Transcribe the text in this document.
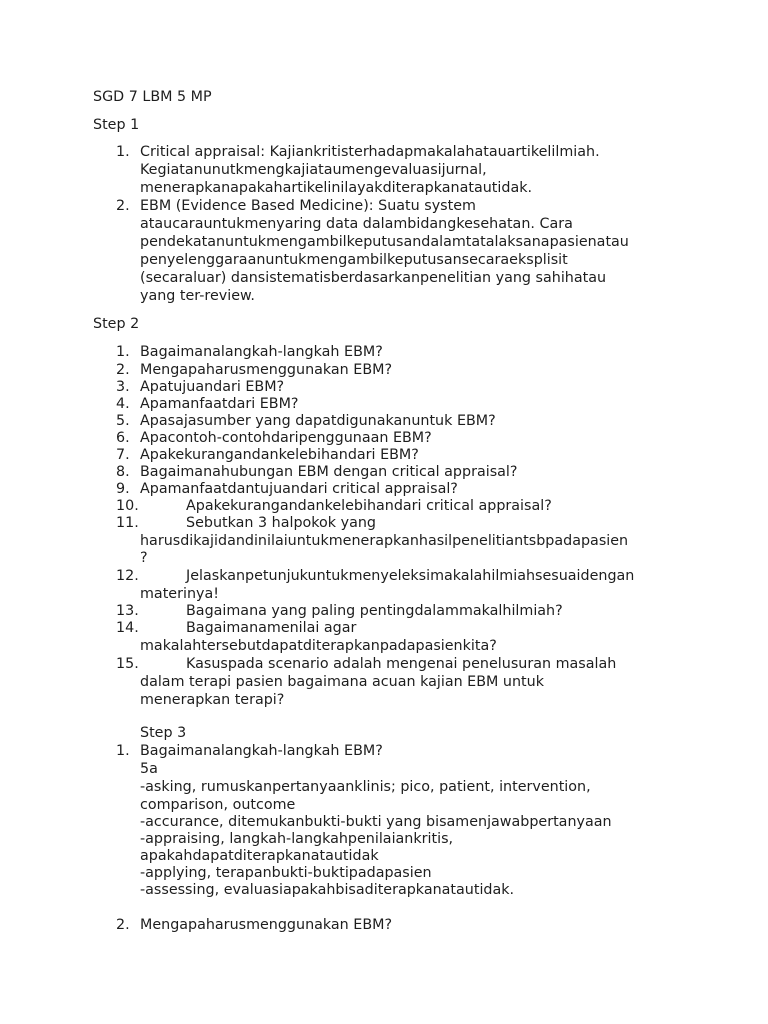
SGD 7 LBM 5 MP
Step 1
1. Critical appraisal: Kajiankritisterhadapmakalahatauartikelilmiah.
Kegiatanunutkmengkajiataumengevaluasijurnal,
menerapkanapakahartikelinilayakditerapkanatautidak.
2. EBM (Evidence Based Medicine): Suatu system
ataucarauntukmenyaring data dalambidangkesehatan. Cara
pendekatanuntukmengambilkeputusandalamtatalaksanapasienatau
penyelenggaraanuntukmengambilkeputusansecaraeksplisit
(secaraluar) dansistematisberdasarkanpenelitian yang sahihatau
yang ter-review.
Step 2
1. Bagaimanalangkah-langkah EBM?
2. Mengapaharusmenggunakan EBM?
3. Apatujuandari EBM?
4. Apamanfaatdari EBM?
5. Apasajasumber yang dapatdigunakanuntuk EBM?
6. Apacontoh-contohdaripenggunaan EBM?
7. Apakekurangandankelebihandari EBM?
8. Bagaimanahubungan EBM dengan critical appraisal?
9. Apamanfaatdantujuandari critical appraisal?
10.	Apakekurangandankelebihandari critical appraisal?
11.	Sebutkan 3 halpokok yang
harusdikajidandinilaiuntukmenerapkanhasilpenelitiantsbpadapasien
?
12.	Jelaskanpetunjukuntukmenyeleksimakalahilmiahsesuaidengan
materinya!
13.	Bagaimana yang paling pentingdalammakalhilmiah?
14.	Bagaimanamenilai agar
makalahtersebutdapatditerapkanpadapasienkita?
15.	Kasuspada scenario adalah mengenai penelusuran masalah
dalam terapi pasien bagaimana acuan kajian EBM untuk
menerapkan terapi?
Step 3
1. Bagaimanalangkah-langkah EBM?
5a
-asking, rumuskanpertanyaanklinis; pico, patient, intervention,
comparison, outcome
-accurance, ditemukanbukti-bukti yang bisamenjawabpertanyaan
-appraising, langkah-langkahpenilaiankritis,
apakahdapatditerapkanatautidak
-applying, terapanbukti-buktipadapasien
-assessing, evaluasiapakahbisaditerapkanatautidak.
2. Mengapaharusmenggunakan EBM?
